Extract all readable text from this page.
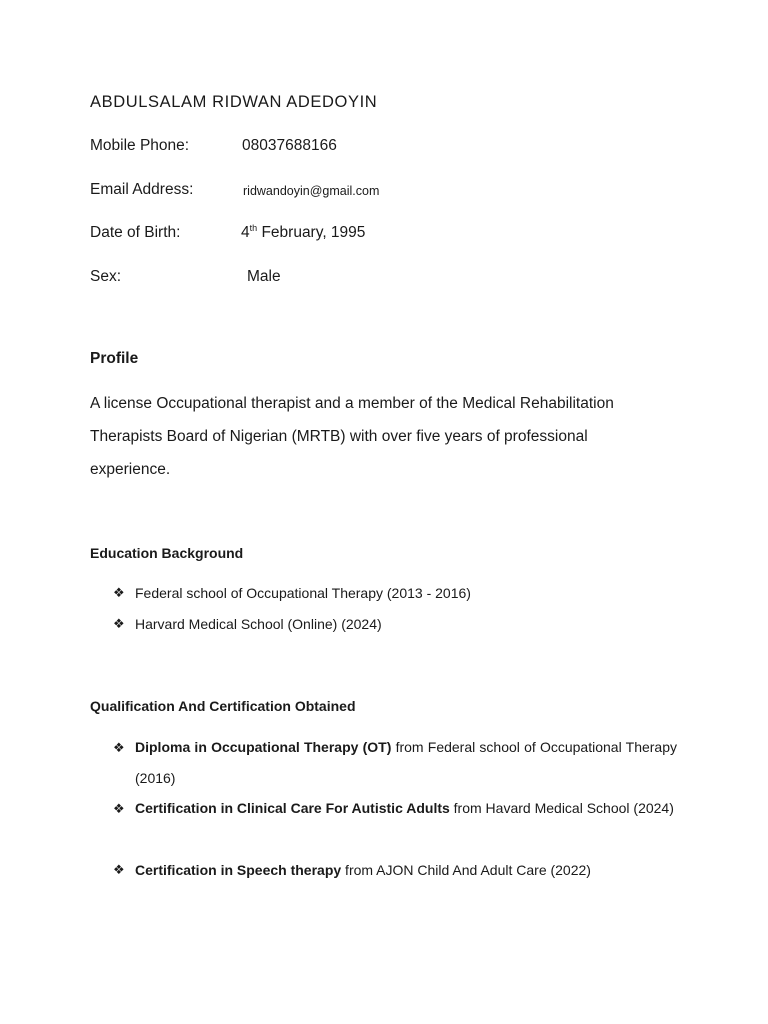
ABDULSALAM RIDWAN ADEDOYIN
Mobile Phone:	08037688166
Email Address:	ridwandoyin@gmail.com
Date of Birth:	4th February, 1995
Sex:	Male
Profile
A license Occupational therapist and a member of the Medical Rehabilitation Therapists Board of Nigerian (MRTB) with over five years of professional experience.
Education Background
❖ Federal school of Occupational Therapy (2013 - 2016)
❖ Harvard Medical School (Online) (2024)
Qualification And Certification Obtained
❖ Diploma in Occupational Therapy (OT) from Federal school of Occupational Therapy (2016)
❖ Certification in Clinical Care For Autistic Adults from Havard Medical School (2024)
❖ Certification in Speech therapy from AJON Child And Adult Care (2022)
